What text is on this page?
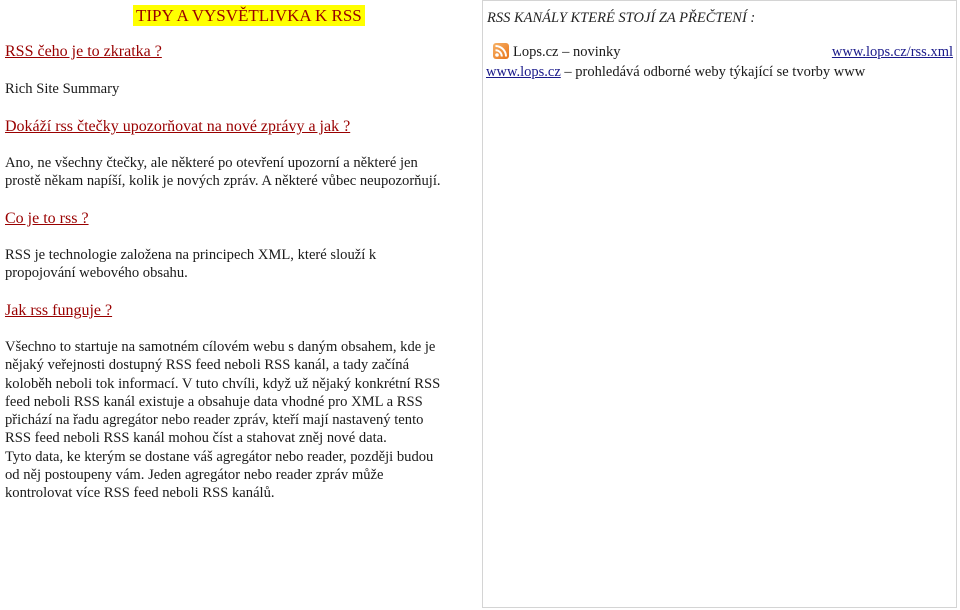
TIPY A VYSVĚTLIVKA K RSS
RSS čeho je to zkratka ?
Rich Site Summary
Dokáží rss čtečky upozorňovat na nové zprávy a jak ?
Ano, ne všechny čtečky, ale některé po otevření upozorní a některé jen
prostě někam napíší, kolik je nových zpráv. A některé vůbec neupozorňují.
Co je to rss ?
RSS je technologie založena na principech XML, které slouží k
propojování webového obsahu.
Jak rss funguje ?
Všechno to startuje na samotném cílovém webu s daným obsahem, kde je
nějaký veřejnosti dostupný RSS feed neboli RSS kanál, a tady začíná
koloběh neboli tok informací. V tuto chvíli, když už nějaký konkrétní RSS
feed neboli RSS kanál existuje a obsahuje data vhodné pro XML a RSS
přichází na řadu agregátor nebo reader zpráv, kteří mají nastavený tento
RSS feed neboli RSS kanál mohou číst a stahovat zněj nové data.
Tyto data, ke kterým se dostane váš agregátor nebo reader, později budou
od něj postoupeny vám. Jeden agregátor nebo reader zpráv může
kontrolovat více RSS feed neboli RSS kanálů.
RSS KANÁLY KTERÉ STOJÍ ZA PŘEČTENÍ :
Lops.cz – novinky	www.lops.cz/rss.xml
www.lops.cz – prohledává odborné weby týkající se tvorby www
